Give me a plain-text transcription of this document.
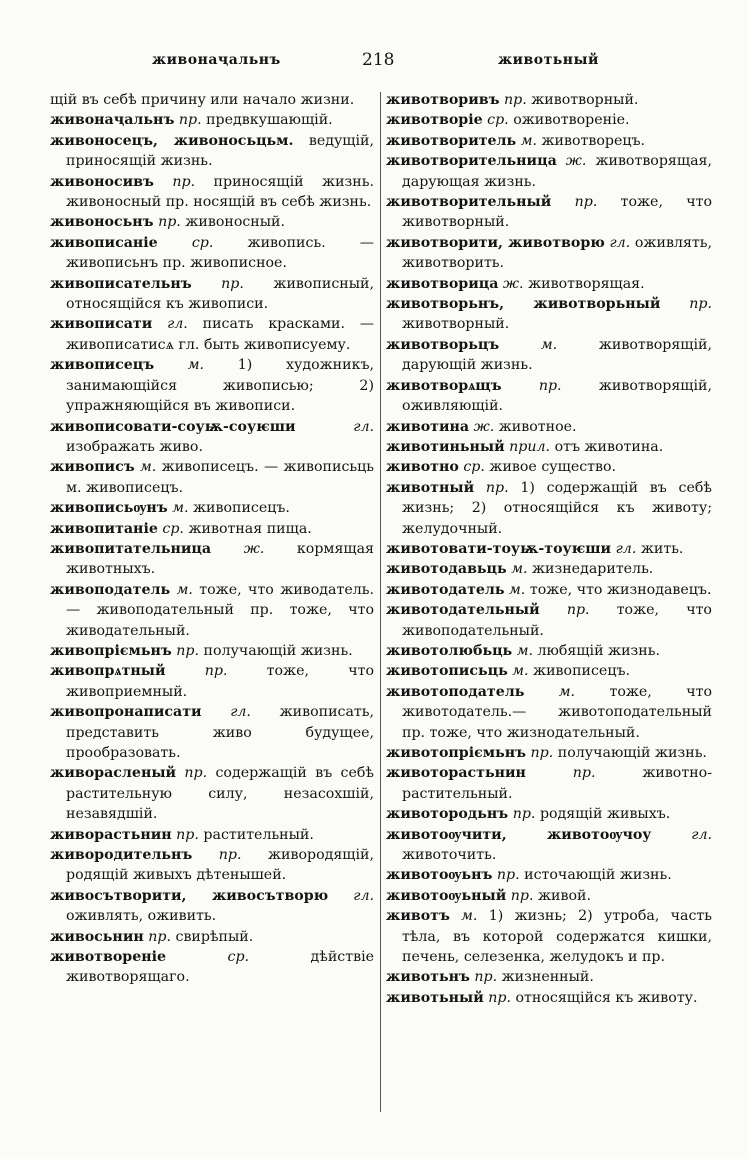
живонаҷальнъ	218	животьный

щій въ себѣ причину или начало жизни.

живонаҷальнъ пр. предвкушающій.

живоносецъ, живоносьцьм. ведущій, приносящій жизнь.

живоносивъ пр. приносящій жизнь. живоносный пр. носящій въ себѣ жизнь.

живоносьнъ пр. живоносный.

живописаніе ср. живопись. — живописьнъ пр. живописное.

живописательнъ пр. живописный, относящійся къ живописи.

живописати гл. писать красками. — живописатисѧ гл. быть живописуему.

живописецъ м. 1) художникъ, занимающійся живописью; 2) упражняющійся въ живописи.

живописовати-соуѭ-соуѥши	гл. изображать живо.

живописъ м. живописецъ. — живописьць м. живописецъ.

живописьѹнъ м. живописецъ.

живопитаніе ср. животная пища.

живопитательница ж. кормящая животныхъ.

живоподатель м. тоже, что живодатель. — живоподательный пр. тоже, что живодательный.

живопріємьнъ пр. получающій жизнь.

живопрѧтный	пр.	тоже, что живоприемный.

живопронаписати гл. живописать, представить живо будущее, прообразовать.

живорасленый пр. содержащій въ себѣ растительную силу, незасохшій, незавядшій.

живорастьнин пр. растительный.

живородительнъ пр. живородящій, родящій живыхъ дѣтенышей.

живосътворити, живосътворю гл. оживлять, оживить.

живосьнин пр. свирѣпый.

животвореніе	ср.	дѣйствіе животворящаго.

животворивъ пр. животворный.

животворіе ср. оживотвореніе.

животворитель м. животворецъ.

животворительница ж. животворящая, дарующая жизнь.

животворительный пр. тоже, что животворный.

животворити, животворю гл. оживлять, животворить.

животворица ж. животворящая.

животворьнъ, животворьный пр. животворный.

животворьцъ	м.	животворящій, дарующій жизнь.

животворѧщъ	пр.	животворящій, оживляющій.

животина ж. животное.

животиньный прил. отъ животина.

животно ср. живое существо.

животный пр. 1) содержащій въ себѣ жизнь; 2) относящійся къ животу; желудочный.

животовати-тоуѭ-тоуѥши гл. жить.

животодавьць м. жизнедаритель.

животодатель м. тоже, что жизнодавецъ.

животодательный пр. тоже, что живоподательный.

животолюбьць м. любящій жизнь.

животописьць м. живописецъ.

животоподатель м. тоже, что животодатель.— животоподательный пр. тоже, что жизнодательный.

животопріємьнъ пр. получающій жизнь.

животорастьнин	пр.	животно-растительный.

животородьнъ пр. родящій живыхъ.

животоѹчити, животоѹчоу	гл. животочить.

животоѹьнъ пр. источающій жизнь.

животоѹьный пр. живой.

животъ м. 1) жизнь; 2) утроба, часть тѣла, въ которой содержатся кишки, печень, селезенка, желудокъ и пр.

животьнъ пр. жизненный.

животьный пр. относящійся къ животу.
